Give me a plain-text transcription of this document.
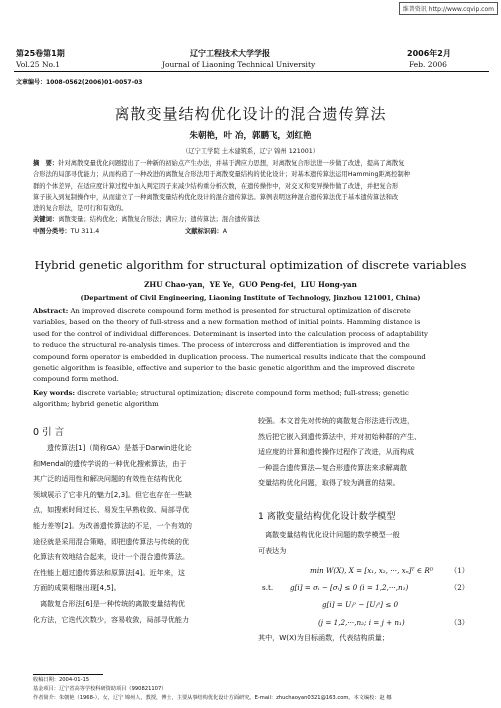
维普资讯 http://www.cqvip.com
第25卷第1期	辽宁工程技术大学学报	2006年2月
Vol.25 No.1	Journal of Liaoning Technical University	Feb. 2006
文章编号：1008-0562(2006)01-0057-03
离散变量结构优化设计的混合遗传算法
朱朝艳，叶 冶，郭鹏飞，刘红艳
（辽宁工学院 土木建筑系，辽宁 锦州 121001）
摘　要：针对离散变量优化问题提出了一种新的初始点产生办法，并基于满应力思想，对离散复合形法进一步做了改进，提高了离散复
合形法的局部寻优能力；从而构造了一种改进的离散复合形法用于离散变量结构的优化设计；对基本遗传算法运用Hamming距离控制种
群的个体差异，在适应度计算过程中加入判定因子来减少结构重分析次数，在遗传操作中，对交叉和变异操作做了改进，并把复合形
算子嵌入到复制操作中，从而建立了一种离散变量结构优化设计的混合遗传算法。算例表明这种混合遗传算法优于基本遗传算法和改
进的复合形法，是可行和有效的。
关键词：离散变量；结构优化；离散复合形法；满应力；遗传算法；混合遗传算法
中图分类号：TU 311.4	文献标识码：A
Hybrid genetic algorithm for structural optimization of discrete variables
ZHU Chao-yan，YE Ye，GUO Peng-fei，LIU Hong-yan
(Department of Civil Engineering, Liaoning Institute of Technology, Jinzhou 121001, China)
Abstract: An improved discrete compound form method is presented for structural optimization of discrete
variables, based on the theory of full-stress and a new formation method of initial points. Hamming distance is
used for the control of individual differences. Determinant is inserted into the calculation process of adaptability
to reduce the structural re-analysis times. The process of intercross and differentiation is improved and the
compound form operator is embedded in duplication process. The numerical results indicate that the compound
genetic algorithm is feasible, effective and superior to the basic genetic algorithm and the improved discrete
compound form method.
Key words: discrete variable; structural optimization; discrete compound form method; full-stress; genetic
algorithm; hybrid genetic algorithm
0 引 言
遗传算法[1]（简称GA）是基于Darwin进化论
和Mendal的遗传学说的一种优化搜索算法，由于
其广泛的适用性和解决问题的有效性在结构优化
领域展示了它非凡的魅力[2,3]。但它也存在一些缺
点，如搜索时间过长、易发生早熟收敛、局部寻优
能力差等[2]。为改善遗传算法的不足，一个有效的
途径就是采用混合策略，即把遗传算法与传统的优
化算法有效地结合起来，设计一个混合遗传算法。
在性能上超过遗传算法和原算法[4]。近年来，这
方面的成果相继出现[4,5]。
　离散复合形法[6]是一种传统的离散变量结构优
化方法，它迭代次数少，容易收敛，局部寻优能力
较强。本文首先对传统的离散复合形法进行改进，
然后把它嵌入到遗传算法中，并对初始种群的产生、
适应度的计算和遗传操作过程作了改进，从而构成
一种混合遗传算法—复合形遗传算法来求解离散
变量结构优化问题，取得了较为满意的结果。
1 离散变量结构优化设计数学模型
　离散变量结构优化设计问题的数学模型一般
可表达为
min W(X), X = [x₁, x₂, ···, xₙ]ᵀ ∈ Rᴰ （1）
s.t. g[i] = σᵢ − [σᵢ] ≤ 0 (i = 1,2,···,n₁)	（2）
g[i] = Uⱼᵖ − [Uⱼᵖ] ≤ 0
(j = 1,2,···,n₂; i = j + n₁)	（3）
其中，W(X)为目标函数，代表结构质量；
收稿日期：2004-01-15
基金项目：辽宁省高等学校科研资助项目（990821107）
作者简介：朱朝艳（1968-），女，辽宁 锦州人，教授，博士，主要从事结构优化设计方面研究。E-mail：zhuchaoyan0321@163.com。本文编校：赵 娜
